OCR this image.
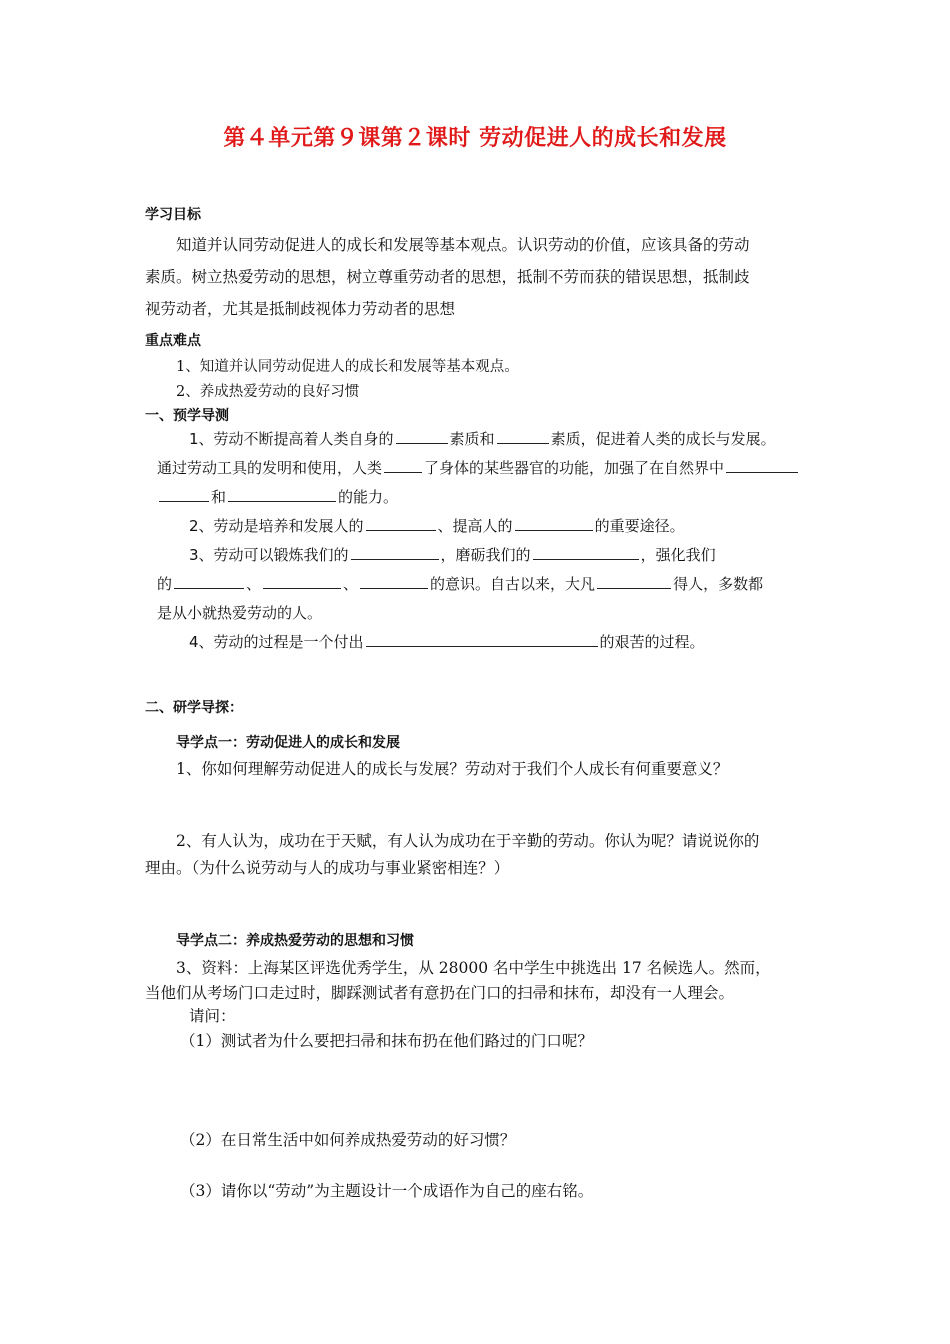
第４单元第９课第２课时 劳动促进人的成长和发展
学习目标
知道并认同劳动促进人的成长和发展等基本观点。认识劳动的价值，应该具备的劳动
素质。树立热爱劳动的思想，树立尊重劳动者的思想，抵制不劳而获的错误思想，抵制歧
视劳动者，尤其是抵制歧视体力劳动者的思想
重点难点
1、知道并认同劳动促进人的成长和发展等基本观点。
2、养成热爱劳动的良好习惯
一、预学导测
1、劳动不断提高着人类自身的	素质和	素质，促进着人类的成长与发展。
通过劳动工具的发明和使用，人类	了身体的某些器官的功能，加强了在自然界中
和	的能力。
2、劳动是培养和发展人的	、提高人的	的重要途径。
3、劳动可以锻炼我们的	，磨砺我们的	，强化我们
的	、	、	的意识。自古以来，大凡	得人，多数都
是从小就热爱劳动的人。
4、劳动的过程是一个付出	的艰苦的过程。
二、研学导探：
导学点一：劳动促进人的成长和发展
1、你如何理解劳动促进人的成长与发展？劳动对于我们个人成长有何重要意义？
2、有人认为，成功在于天赋，有人认为成功在于辛勤的劳动。你认为呢？请说说你的
理由。（为什么说劳动与人的成功与事业紧密相连？）
导学点二：养成热爱劳动的思想和习惯
3、资料：上海某区评选优秀学生，从 28000 名中学生中挑选出 17 名候选人。然而，
当他们从考场门口走过时，脚踩测试者有意扔在门口的扫帚和抹布，却没有一人理会。
请问：
（1）测试者为什么要把扫帚和抹布扔在他们路过的门口呢？
（2）在日常生活中如何养成热爱劳动的好习惯？
（3）请你以“劳动”为主题设计一个成语作为自己的座右铭。
